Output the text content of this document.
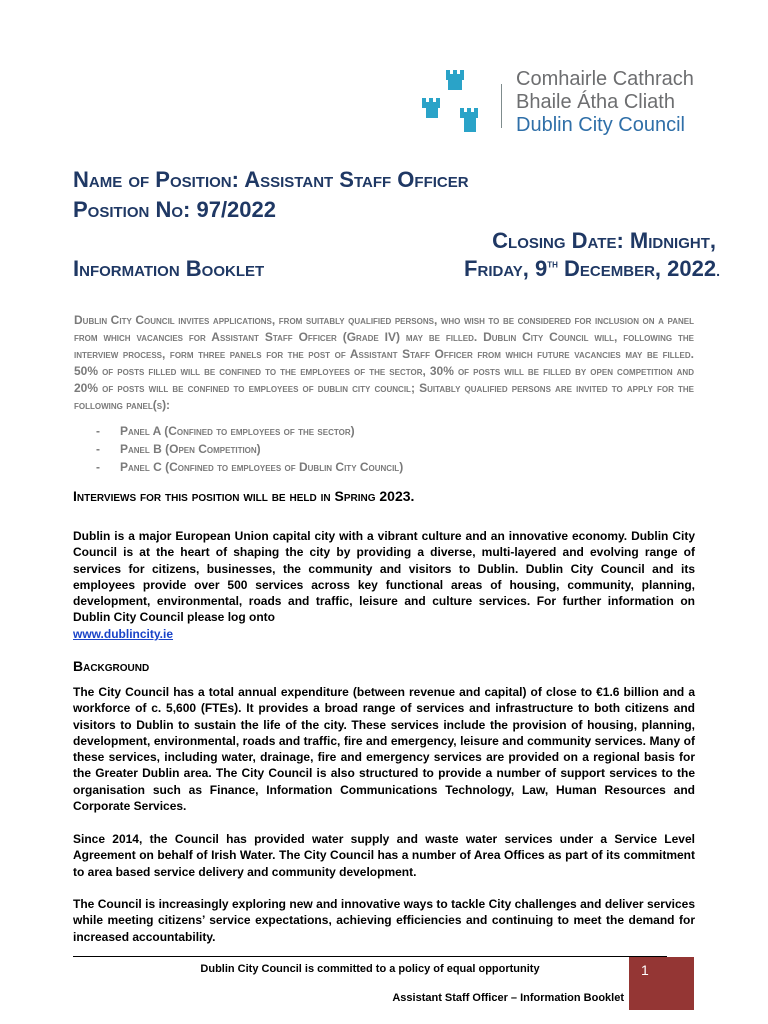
Comhairle Cathrach
Bhaile Átha Cliath
Dublin City Council
Name of Position: Assistant Staff Officer
Position No: 97/2022
Closing Date: Midnight,
Information Booklet	Friday, 9th December, 2022.
Dublin City Council invites applications, from suitably qualified persons, who wish to be considered for inclusion on a panel from which vacancies for Assistant Staff Officer (Grade IV) may be filled. Dublin City Council will, following the interview process, form three panels for the post of Assistant Staff Officer from which future vacancies may be filled. 50% of posts filled will be confined to the employees of the sector, 30% of posts will be filled by open competition and 20% of posts will be confined to employees of dublin city council; Suitably qualified persons are invited to apply for the following panel(s):
- Panel A (Confined to employees of the sector)
- Panel B (Open Competition)
- Panel C (Confined to employees of Dublin City Council)
Interviews for this position will be held in Spring 2023.
Dublin is a major European Union capital city with a vibrant culture and an innovative economy. Dublin City Council is at the heart of shaping the city by providing a diverse, multi-layered and evolving range of services for citizens, businesses, the community and visitors to Dublin. Dublin City Council and its employees provide over 500 services across key functional areas of housing, community, planning, development, environmental, roads and traffic, leisure and culture services. For further information on Dublin City Council please log onto
www.dublincity.ie
Background
The City Council has a total annual expenditure (between revenue and capital) of close to €1.6 billion and a workforce of c. 5,600 (FTEs). It provides a broad range of services and infrastructure to both citizens and visitors to Dublin to sustain the life of the city. These services include the provision of housing, planning, development, environmental, roads and traffic, fire and emergency, leisure and community services. Many of these services, including water, drainage, fire and emergency services are provided on a regional basis for the Greater Dublin area. The City Council is also structured to provide a number of support services to the organisation such as Finance, Information Communications Technology, Law, Human Resources and Corporate Services.
Since 2014, the Council has provided water supply and waste water services under a Service Level Agreement on behalf of Irish Water. The City Council has a number of Area Offices as part of its commitment to area based service delivery and community development.
The Council is increasingly exploring new and innovative ways to tackle City challenges and deliver services while meeting citizens’ service expectations, achieving efficiencies and continuing to meet the demand for increased accountability.
Dublin City Council is committed to a policy of equal opportunity
Assistant Staff Officer – Information Booklet
1
